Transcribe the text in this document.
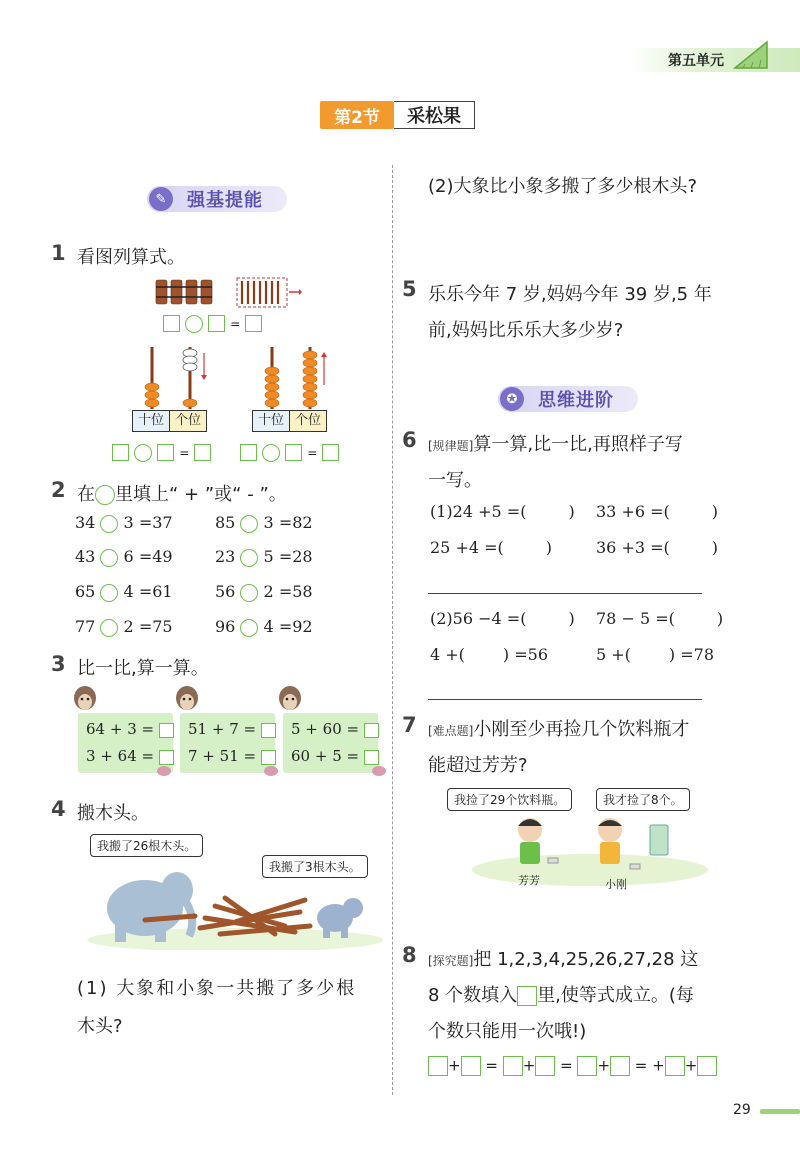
第五单元
第2节 采松果
✎	强基提能
1 看图列算式。
=
十位 个位	十位 个位
=	=
2 在 里填上“ + ”或“ - ”。
34 3 =37	85 3 =82
43 6 =49	23 5 =28
65 4 =61	56 2 =58
77 2 =75	96 4 =92
3 比一比,算一算。
64 + 3 =
3 + 64 =
51 + 7 =
7 + 51 =
5 + 60 =
60 + 5 =
4 搬木头。
我搬了26根木头。
我搬了3根木头。
(1) 大象和小象一共搬了多少根
木头?
(2)大象比小象多搬了多少根木头?
5 乐乐今年 7 岁,妈妈今年 39 岁,5 年
前,妈妈比乐乐大多少岁?
✪	思维进阶
6 [规律题]算一算,比一比,再照样子写
一写。
(1)24 +5 =(	) 33 +6 =(	)
25 +4 =(	)	36 +3 =(	)
(2)56 −4 =(	) 78 − 5 =(	)
4 +( ) =56	5 +( ) =78
7 [难点题]小刚至少再捡几个饮料瓶才
能超过芳芳?
我捡了29个饮料瓶。	我才捡了8个。
芳芳	小刚
8 [探究题]把 1,2,3,4,25,26,27,28 这
8 个数填入 里,使等式成立。(每
个数只能用一次哦!)
+ = + = + = + +
29
